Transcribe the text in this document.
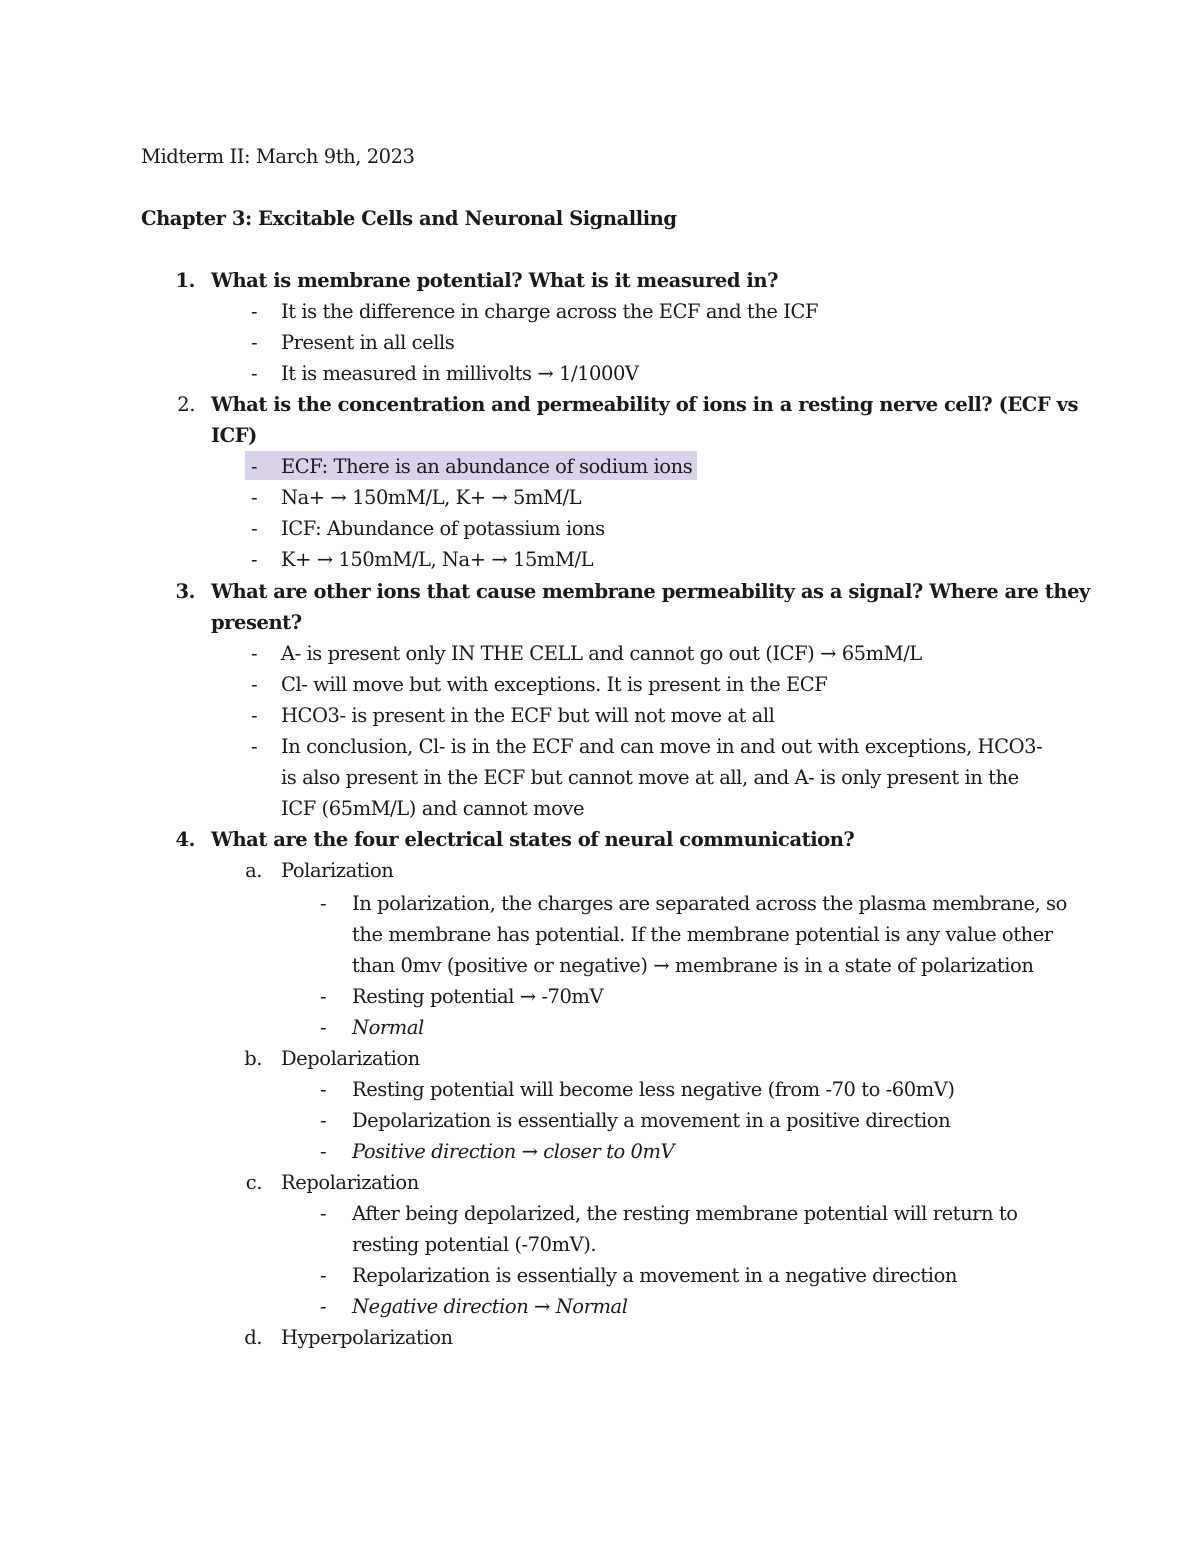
Midterm II: March 9th, 2023
Chapter 3: Excitable Cells and Neuronal Signalling
1. What is membrane potential? What is it measured in?
- It is the difference in charge across the ECF and the ICF
- Present in all cells
- It is measured in millivolts → 1/1000V
2. What is the concentration and permeability of ions in a resting nerve cell? (ECF vs
ICF)
- ECF: There is an abundance of sodium ions
- Na+ → 150mM/L, K+ → 5mM/L
- ICF: Abundance of potassium ions
- K+ → 150mM/L, Na+ → 15mM/L
3. What are other ions that cause membrane permeability as a signal? Where are they
present?
- A- is present only IN THE CELL and cannot go out (ICF) → 65mM/L
- Cl- will move but with exceptions. It is present in the ECF
- HCO3- is present in the ECF but will not move at all
- In conclusion, Cl- is in the ECF and can move in and out with exceptions, HCO3-
is also present in the ECF but cannot move at all, and A- is only present in the
ICF (65mM/L) and cannot move
4. What are the four electrical states of neural communication?
a. Polarization
- In polarization, the charges are separated across the plasma membrane, so
the membrane has potential. If the membrane potential is any value other
than 0mv (positive or negative) → membrane is in a state of polarization
- Resting potential → -70mV
- Normal
b. Depolarization
- Resting potential will become less negative (from -70 to -60mV)
- Depolarization is essentially a movement in a positive direction
- Positive direction → closer to 0mV
c. Repolarization
- After being depolarized, the resting membrane potential will return to
resting potential (-70mV).
- Repolarization is essentially a movement in a negative direction
- Negative direction → Normal
d. Hyperpolarization
